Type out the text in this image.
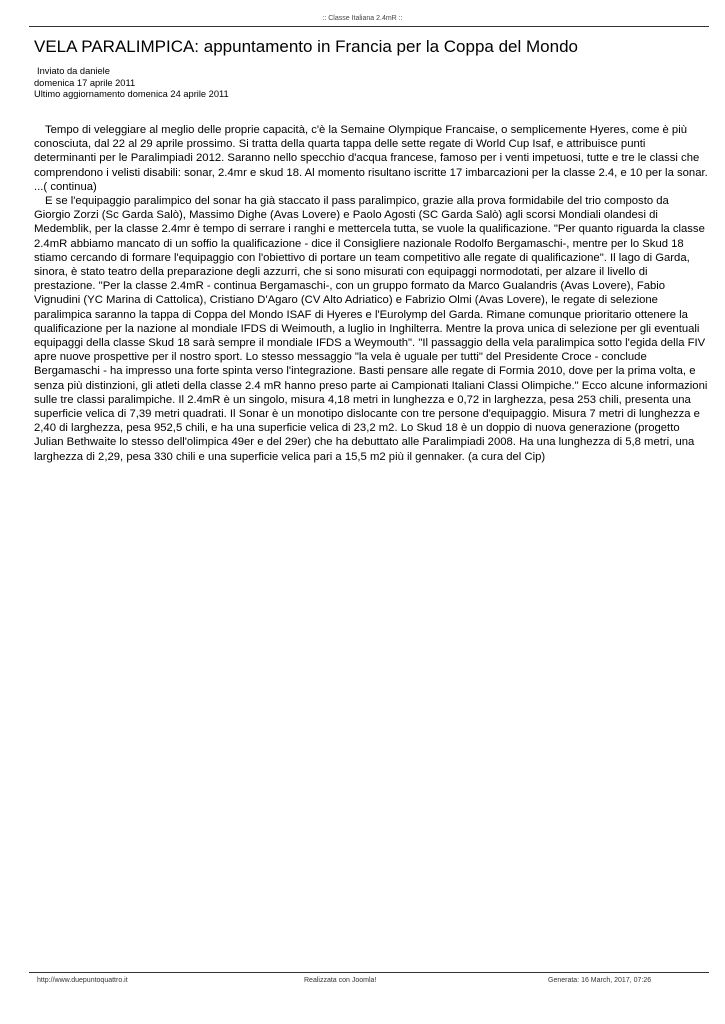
:: Classe Italiana 2.4mR ::
VELA PARALIMPICA: appuntamento in Francia per la Coppa del Mondo
Inviato da daniele
domenica 17 aprile 2011
Ultimo aggiornamento domenica 24 aprile 2011

Tempo di veleggiare al meglio delle proprie capacità, c'è la Semaine Olympique Francaise, o semplicemente Hyeres, come è più conosciuta, dal 22 al 29 aprile prossimo. Si tratta della quarta tappa delle sette regate di World Cup Isaf, e attribuisce punti determinanti per le Paralimpiadi 2012. Saranno nello specchio d'acqua francese, famoso per i venti impetuosi, tutte e tre le classi che comprendono i velisti disabili: sonar, 2.4mr e skud 18. Al momento risultano iscritte 17 imbarcazioni per la classe 2.4, e 10 per la sonar. ...( continua)

E se l'equipaggio paralimpico del sonar ha già staccato il pass paralimpico, grazie alla prova formidabile del trio composto da Giorgio Zorzi (Sc Garda Salò), Massimo Dighe (Avas Lovere) e Paolo Agosti (SC Garda Salò) agli scorsi Mondiali olandesi di Medemblik, per la classe 2.4mr è tempo di serrare i ranghi e mettercela tutta, se vuole la qualificazione. "Per quanto riguarda la classe 2.4mR abbiamo mancato di un soffio la qualificazione - dice il Consigliere nazionale Rodolfo Bergamaschi-, mentre per lo Skud 18 stiamo cercando di formare l'equipaggio con l'obiettivo di portare un team competitivo alle regate di qualificazione". Il lago di Garda, sinora, è stato teatro della preparazione degli azzurri, che si sono misurati con equipaggi normodotati, per alzare il livello di prestazione. "Per la classe 2.4mR - continua Bergamaschi-, con un gruppo formato da Marco Gualandris (Avas Lovere), Fabio Vignudini (YC Marina di Cattolica), Cristiano D'Agaro (CV Alto Adriatico) e Fabrizio Olmi (Avas Lovere), le regate di selezione paralimpica saranno la tappa di Coppa del Mondo ISAF di Hyeres e l'Eurolymp del Garda. Rimane comunque prioritario ottenere la qualificazione per la nazione al mondiale IFDS di Weimouth, a luglio in Inghilterra. Mentre la prova unica di selezione per gli eventuali equipaggi della classe Skud 18 sarà sempre il mondiale IFDS a Weymouth". "Il passaggio della vela paralimpica sotto l'egida della FIV apre nuove prospettive per il nostro sport. Lo stesso messaggio "la vela è uguale per tutti" del Presidente Croce - conclude Bergamaschi - ha impresso una forte spinta verso l'integrazione. Basti pensare alle regate di Formia 2010, dove per la prima volta, e senza più distinzioni, gli atleti della classe 2.4 mR hanno preso parte ai Campionati Italiani Classi Olimpiche." Ecco alcune informazioni sulle tre classi paralimpiche. Il 2.4mR è un singolo, misura 4,18 metri in lunghezza e 0,72 in larghezza, pesa 253 chili, presenta una superficie velica di 7,39 metri quadrati. Il Sonar è un monotipo dislocante con tre persone d'equipaggio. Misura 7 metri di lunghezza e 2,40 di larghezza, pesa 952,5 chili, e ha una superficie velica di 23,2 m2. Lo Skud 18 è un doppio di nuova generazione (progetto Julian Bethwaite lo stesso dell'olimpica 49er e del 29er) che ha debuttato alle Paralimpiadi 2008. Ha una lunghezza di 5,8 metri, una larghezza di 2,29, pesa 330 chili e una superficie velica pari a 15,5 m2 più il gennaker. (a cura del Cip)

http://www.duepuntoquattro.it	Realizzata con Joomla!	Generata: 16 March, 2017, 07:26
